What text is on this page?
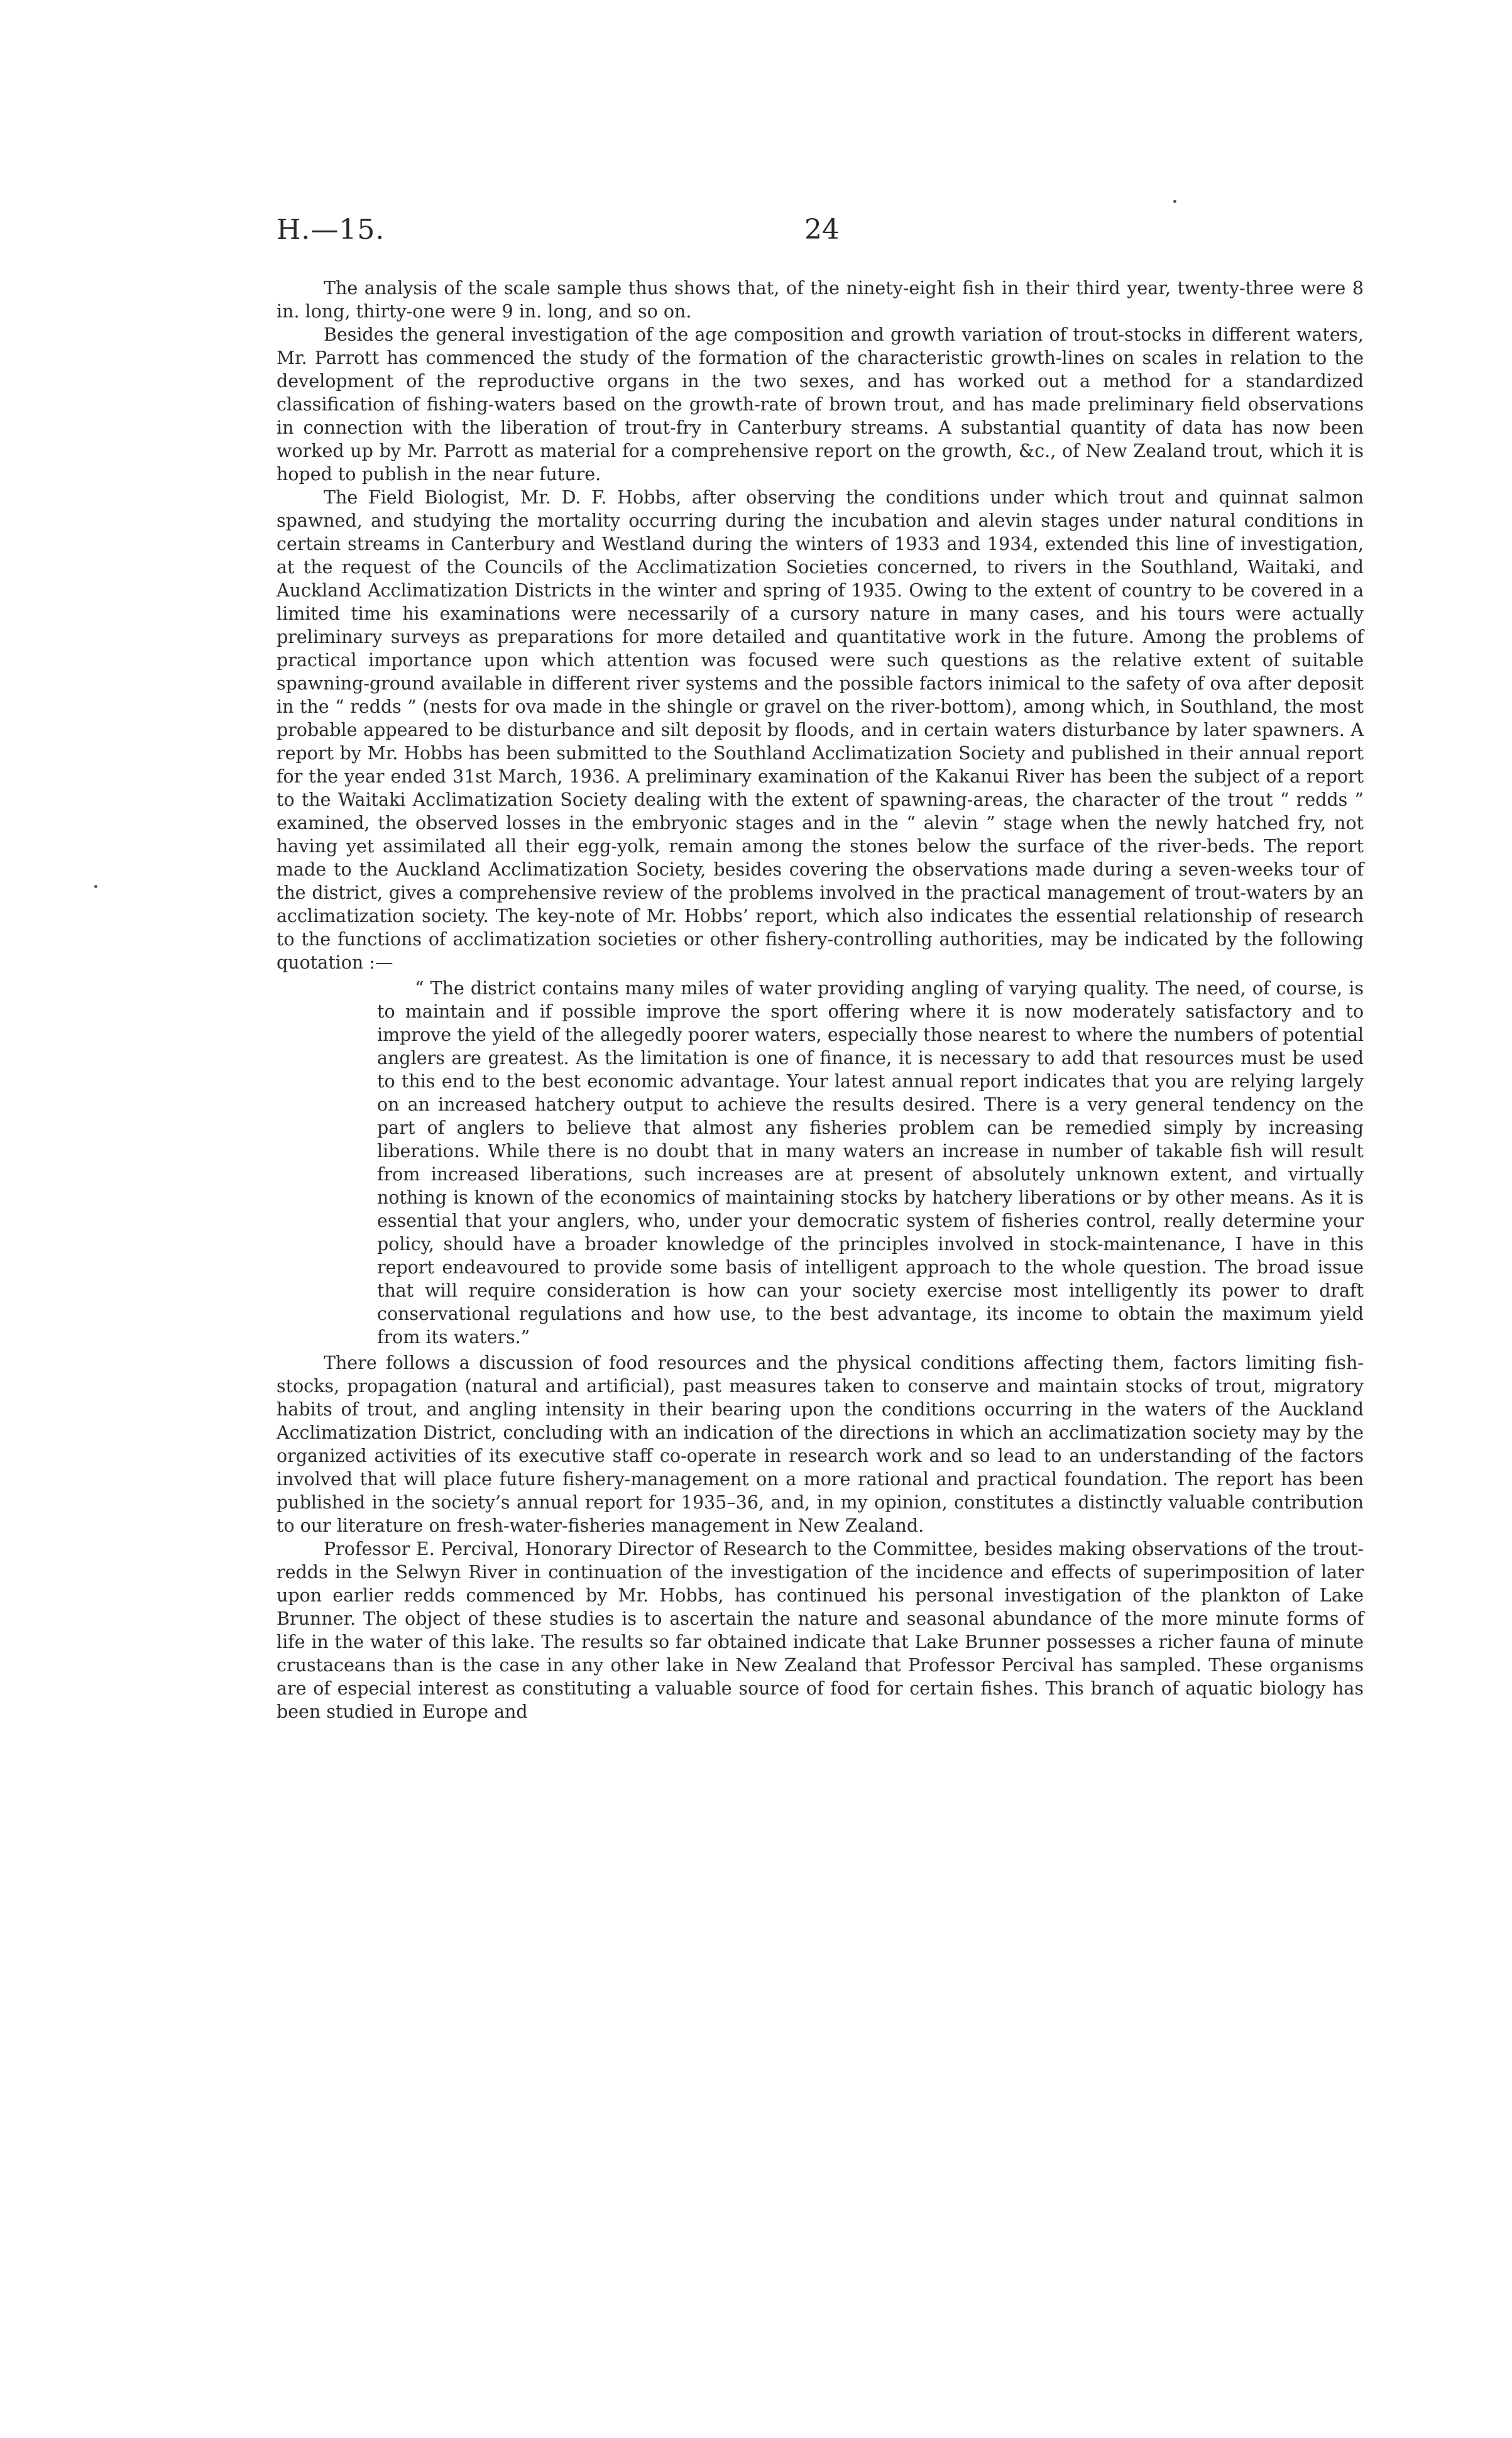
H.—15.	24

The analysis of the scale sample thus shows that, of the ninety-eight fish in their third year, twenty-three were 8 in. long, thirty-one were 9 in. long, and so on.

Besides the general investigation of the age composition and growth variation of trout-stocks in different waters, Mr. Parrott has commenced the study of the formation of the characteristic growth-lines on scales in relation to the development of the reproductive organs in the two sexes, and has worked out a method for a standardized classification of fishing-waters based on the growth-rate of brown trout, and has made preliminary field observations in connection with the liberation of trout-fry in Canterbury streams. A substantial quantity of data has now been worked up by Mr. Parrott as material for a comprehensive report on the growth, &c., of New Zealand trout, which it is hoped to publish in the near future.

The Field Biologist, Mr. D. F. Hobbs, after observing the conditions under which trout and quinnat salmon spawned, and studying the mortality occurring during the incubation and alevin stages under natural conditions in certain streams in Canterbury and Westland during the winters of 1933 and 1934, extended this line of investigation, at the request of the Councils of the Acclimatization Societies concerned, to rivers in the Southland, Waitaki, and Auckland Acclimatization Districts in the winter and spring of 1935. Owing to the extent of country to be covered in a limited time his examinations were necessarily of a cursory nature in many cases, and his tours were actually preliminary surveys as preparations for more detailed and quantitative work in the future. Among the problems of practical importance upon which attention was focused were such questions as the relative extent of suitable spawning-ground available in different river systems and the possible factors inimical to the safety of ova after deposit in the “ redds ” (nests for ova made in the shingle or gravel on the river-bottom), among which, in Southland, the most probable appeared to be disturbance and silt deposit by floods, and in certain waters disturbance by later spawners. A report by Mr. Hobbs has been submitted to the Southland Acclimatization Society and published in their annual report for the year ended 31st March, 1936. A preliminary examination of the Kakanui River has been the subject of a report to the Waitaki Acclimatization Society dealing with the extent of spawning-areas, the character of the trout “ redds ” examined, the observed losses in the embryonic stages and in the “ alevin ” stage when the newly hatched fry, not having yet assimilated all their egg-yolk, remain among the stones below the surface of the river-beds. The report made to the Auckland Acclimatization Society, besides covering the observations made during a seven-weeks tour of the district, gives a comprehensive review of the problems involved in the practical management of trout-waters by an acclimatization society. The key-note of Mr. Hobbs’ report, which also indicates the essential relationship of research to the functions of acclimatization societies or other fishery-controlling authorities, may be indicated by the following quotation :—

“ The district contains many miles of water providing angling of varying quality. The need, of course, is to maintain and if possible improve the sport offering where it is now moderately satisfactory and to improve the yield of the allegedly poorer waters, especially those nearest to where the numbers of potential anglers are greatest. As the limitation is one of finance, it is necessary to add that resources must be used to this end to the best economic advantage. Your latest annual report indicates that you are relying largely on an increased hatchery output to achieve the results desired. There is a very general tendency on the part of anglers to believe that almost any fisheries problem can be remedied simply by increasing liberations. While there is no doubt that in many waters an increase in number of takable fish will result from increased liberations, such increases are at present of absolutely unknown extent, and virtually nothing is known of the economics of maintaining stocks by hatchery liberations or by other means. As it is essential that your anglers, who, under your democratic system of fisheries control, really determine your policy, should have a broader knowledge of the principles involved in stock-maintenance, I have in this report endeavoured to provide some basis of intelligent approach to the whole question. The broad issue that will require consideration is how can your society exercise most intelligently its power to draft conservational regulations and how use, to the best advantage, its income to obtain the maximum yield from its waters.”

There follows a discussion of food resources and the physical conditions affecting them, factors limiting fish-stocks, propagation (natural and artificial), past measures taken to conserve and maintain stocks of trout, migratory habits of trout, and angling intensity in their bearing upon the conditions occurring in the waters of the Auckland Acclimatization District, concluding with an indication of the directions in which an acclimatization society may by the organized activities of its executive staff co-operate in research work and so lead to an understanding of the factors involved that will place future fishery-management on a more rational and practical foundation. The report has been published in the society’s annual report for 1935–36, and, in my opinion, constitutes a distinctly valuable contribution to our literature on fresh-water-fisheries management in New Zealand.

Professor E. Percival, Honorary Director of Research to the Committee, besides making observations of the trout-redds in the Selwyn River in continuation of the investigation of the incidence and effects of superimposition of later upon earlier redds commenced by Mr. Hobbs, has continued his personal investigation of the plankton of Lake Brunner. The object of these studies is to ascertain the nature and seasonal abundance of the more minute forms of life in the water of this lake. The results so far obtained indicate that Lake Brunner possesses a richer fauna of minute crustaceans than is the case in any other lake in New Zealand that Professor Percival has sampled. These organisms are of especial interest as constituting a valuable source of food for certain fishes. This branch of aquatic biology has been studied in Europe and
